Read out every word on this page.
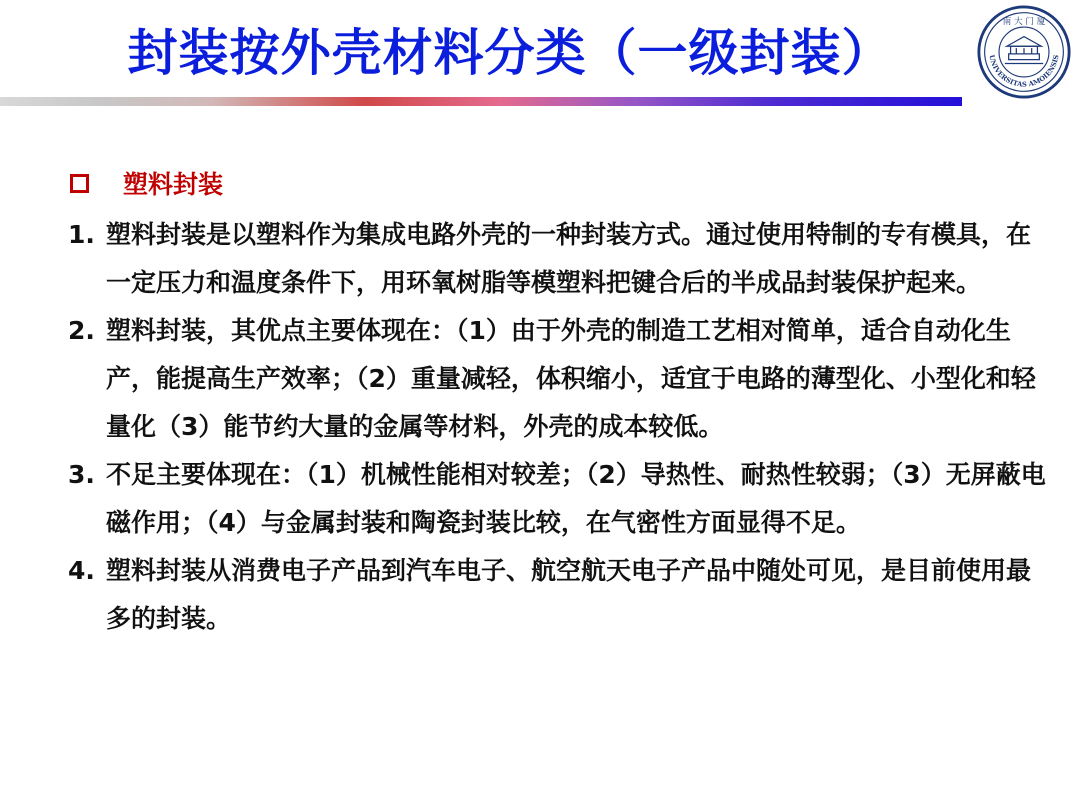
封装按外壳材料分类（一级封装）
南 大 门 厦
UNIVERSITAS AMOIENSIS
塑料封装
1. 塑料封装是以塑料作为集成电路外壳的一种封装方式。通过使用特制的专有模具，在一定压力和温度条件下，用环氧树脂等模塑料把键合后的半成品封装保护起来。
2. 塑料封装，其优点主要体现在：（1）由于外壳的制造工艺相对简单，适合自动化生产，能提高生产效率；（2）重量减轻，体积缩小，适宜于电路的薄型化、小型化和轻量化（3）能节约大量的金属等材料，外壳的成本较低。
3. 不足主要体现在：（1）机械性能相对较差；（2）导热性、耐热性较弱；（3）无屏蔽电磁作用；（4）与金属封装和陶瓷封装比较，在气密性方面显得不足。
4. 塑料封装从消费电子产品到汽车电子、航空航天电子产品中随处可见，是目前使用最多的封装。
